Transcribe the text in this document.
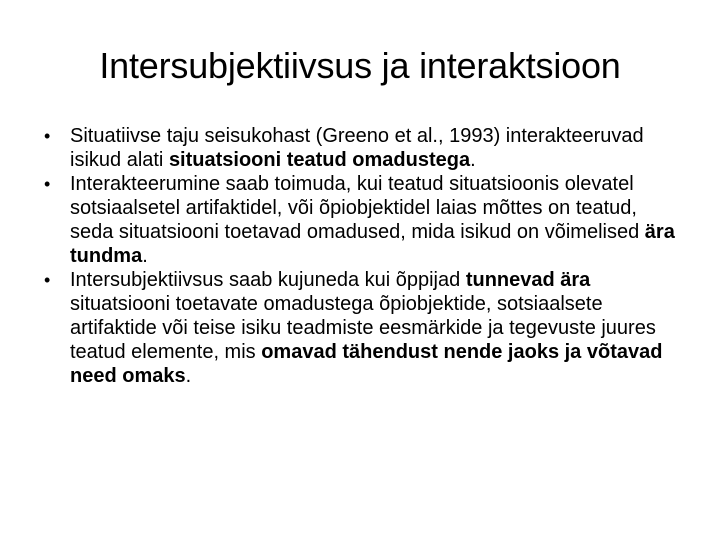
Intersubjektiivsus ja interaktsioon
• Situatiivse taju seisukohast (Greeno et al., 1993) interakteeruvad isikud alati situatsiooni teatud omadustega.
• Interakteerumine saab toimuda, kui teatud situatsioonis olevatel sotsiaalsetel artifaktidel, või õpiobjektidel laias mõttes on teatud, seda situatsiooni toetavad omadused, mida isikud on võimelised ära tundma.
• Intersubjektiivsus saab kujuneda kui õppijad tunnevad ära situatsiooni toetavate omadustega õpiobjektide, sotsiaalsete artifaktide või teise isiku teadmiste eesmärkide ja tegevuste juures teatud elemente, mis omavad tähendust nende jaoks ja võtavad need omaks.
